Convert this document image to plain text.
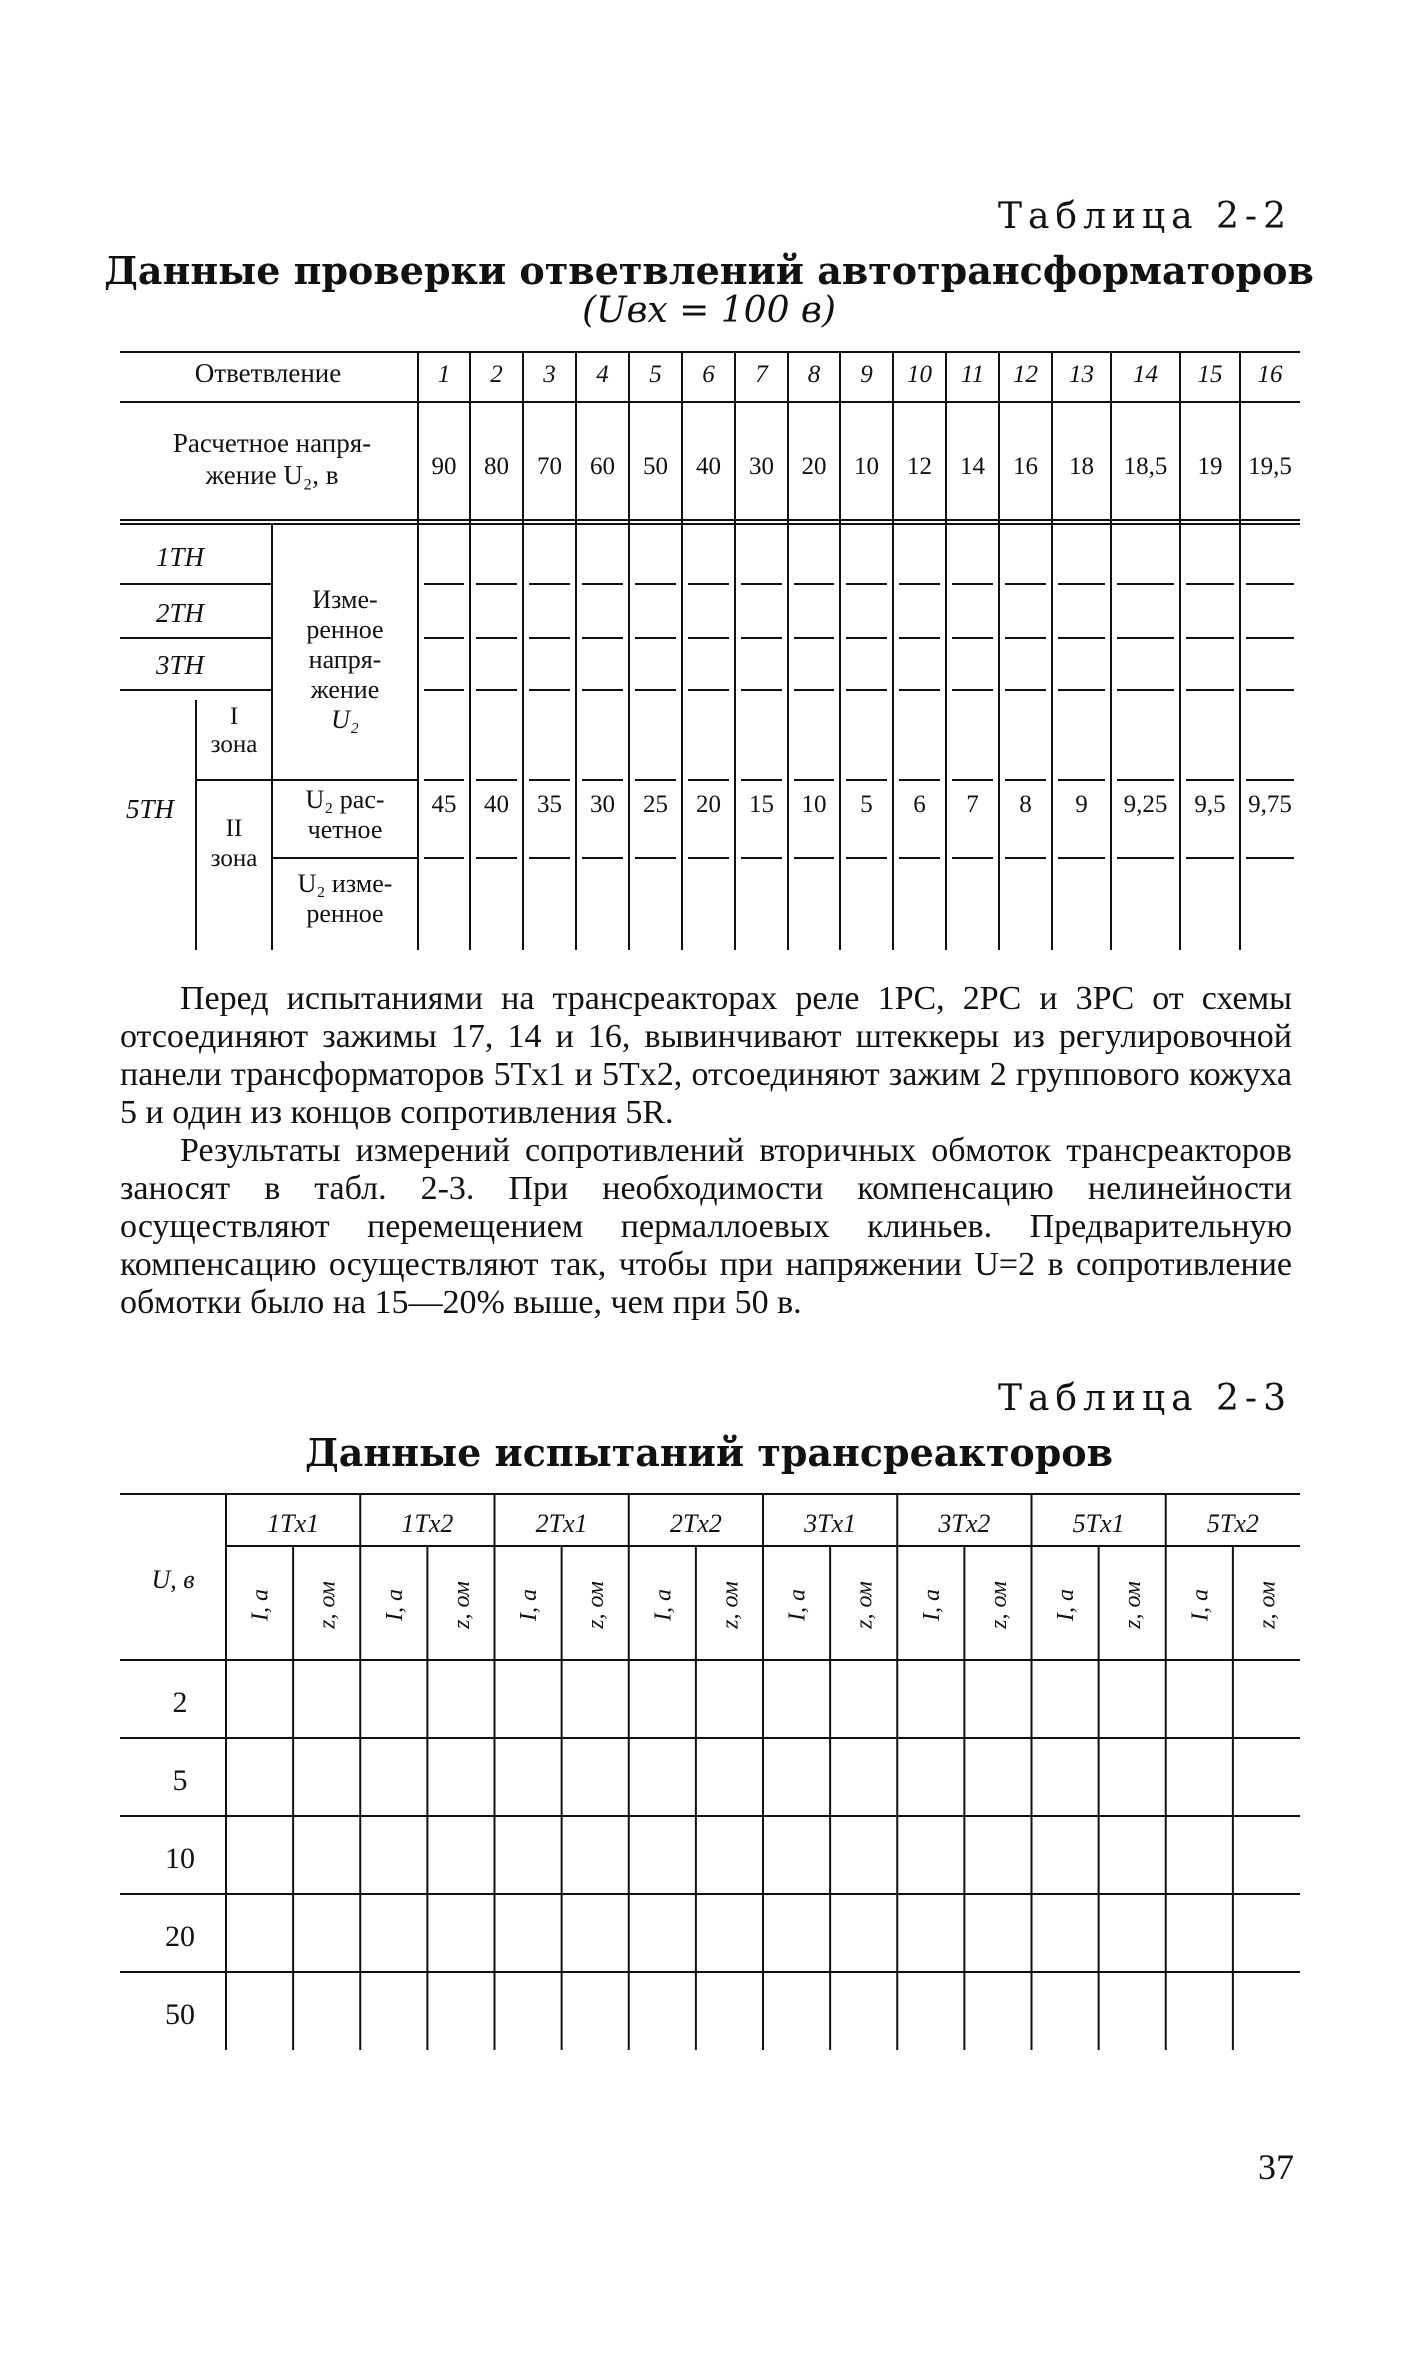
Таблица 2-2
Данные проверки ответвлений автотрансформаторов
(Uвх = 100 в)
Ответвление	1 2 3 4 5 6 7 8 9 10 11 12 13 14 15 16
Расчетное напря-
жение U₂, в	90 80 70 60 50 40 30 20 10 12 14 16 18 18,5 19 19,5
1TH
2TH
3TH
5TH
I
зона
II
зона
Изме-
ренное
напря-
жение
U₂
U₂ рас-
четное
45 40 35 30 25 20 15 10 5 6 7 8 9 9,25 9,5 9,75
U₂ изме-
ренное

Перед испытаниями на трансреакторах реле 1PC, 2PC и 3PC от схемы отсоединяют зажимы 17, 14 и 16, вывинчивают штеккеры из регулировочной панели трансформаторов 5Tx1 и 5Tx2, отсоединяют зажим 2 группового кожуха 5 и один из концов сопротивления 5R.

Результаты измерений сопротивлений вторичных обмоток трансреакторов заносят в табл. 2-3. При необходимости компенсацию нелинейности осуществляют перемещением пермаллоевых клиньев. Предварительную компенсацию осуществляют так, чтобы при напряжении U=2 в сопротивление обмотки было на 15—20% выше, чем при 50 в.

Таблица 2-3
Данные испытаний трансреакторов
1Tx1
I, а z, ом
1Tx2
I, а z, ом
2Tx1
I, а z, ом
2Tx2
I, а z, ом
3Tx1
I, а z, ом
3Tx2
I, а z, ом
5Tx1
I, а z, ом
5Tx2
I, а z, ом
U, в
2
5
10
20
50
37
